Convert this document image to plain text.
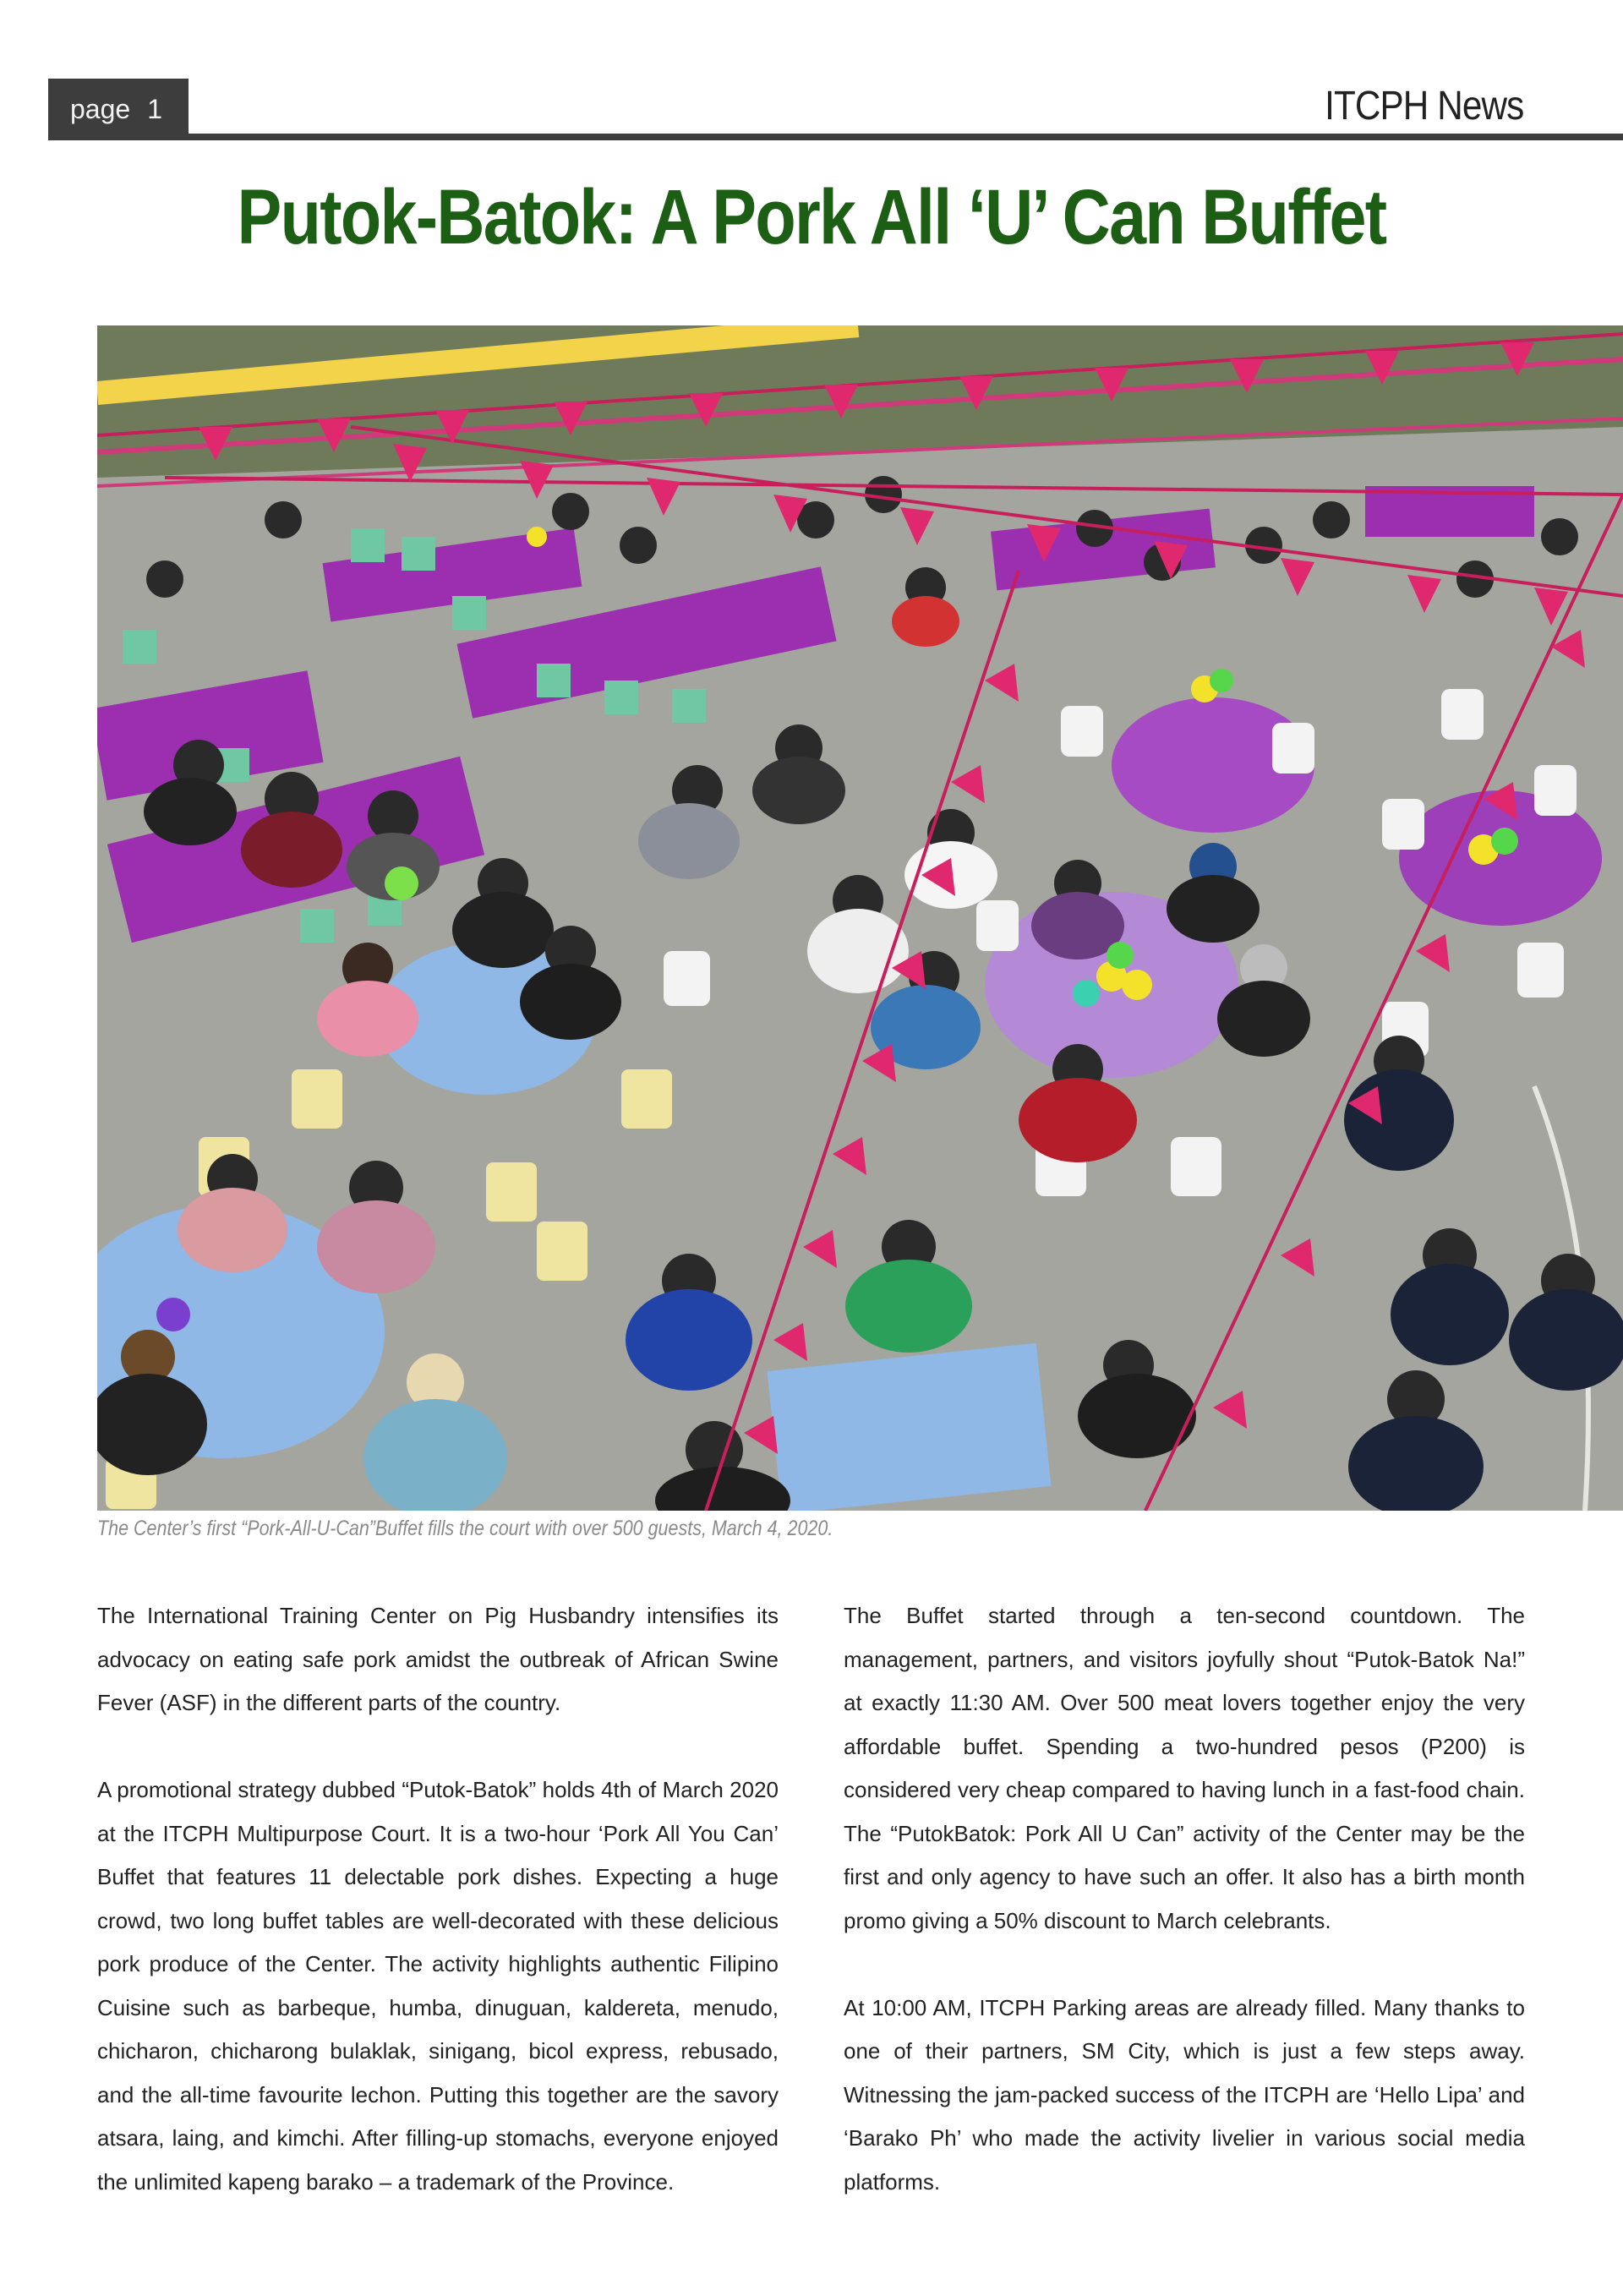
page 1	ITCPH News
Putok-Batok: A Pork All ‘U’ Can Buffet
The Center’s first “Pork-All-U-Can”Buffet fills the court with over 500 guests, March 4, 2020.

The International Training Center on Pig Husbandry intensifies its advocacy on eating safe pork amidst the outbreak of African Swine Fever (ASF) in the different parts of the country.

A promotional strategy dubbed “Putok-Batok” holds 4th of March 2020 at the ITCPH Multipurpose Court. It is a two-hour ‘Pork All You Can’ Buffet that features 11 delectable pork dishes. Expecting a huge crowd, two long buffet tables are well-decorated with these delicious pork produce of the Center. The activity highlights authentic Filipino Cuisine such as barbeque, humba, dinuguan, kaldereta, menudo, chicharon, chicharong bulaklak, sinigang, bicol express, rebusado, and the all-time favourite lechon. Putting this together are the savory atsara, laing, and kimchi. After filling-up stomachs, everyone enjoyed the unlimited kapeng barako – a trademark of the Province.

The Buffet started through a ten-second countdown. The management, partners, and visitors joyfully shout “Putok-Batok Na!” at exactly 11:30 AM. Over 500 meat lovers together enjoy the very affordable buffet. Spending a two-hundred pesos (P200) is considered very cheap compared to having lunch in a fast-food chain. The “PutokBatok: Pork All U Can” activity of the Center may be the first and only agency to have such an offer. It also has a birth month promo giving a 50% discount to March celebrants.

At 10:00 AM, ITCPH Parking areas are already filled. Many thanks to one of their partners, SM City, which is just a few steps away. Witnessing the jam-packed success of the ITCPH are ‘Hello Lipa’ and ‘Barako Ph’ who made the activity livelier in various social media platforms.
